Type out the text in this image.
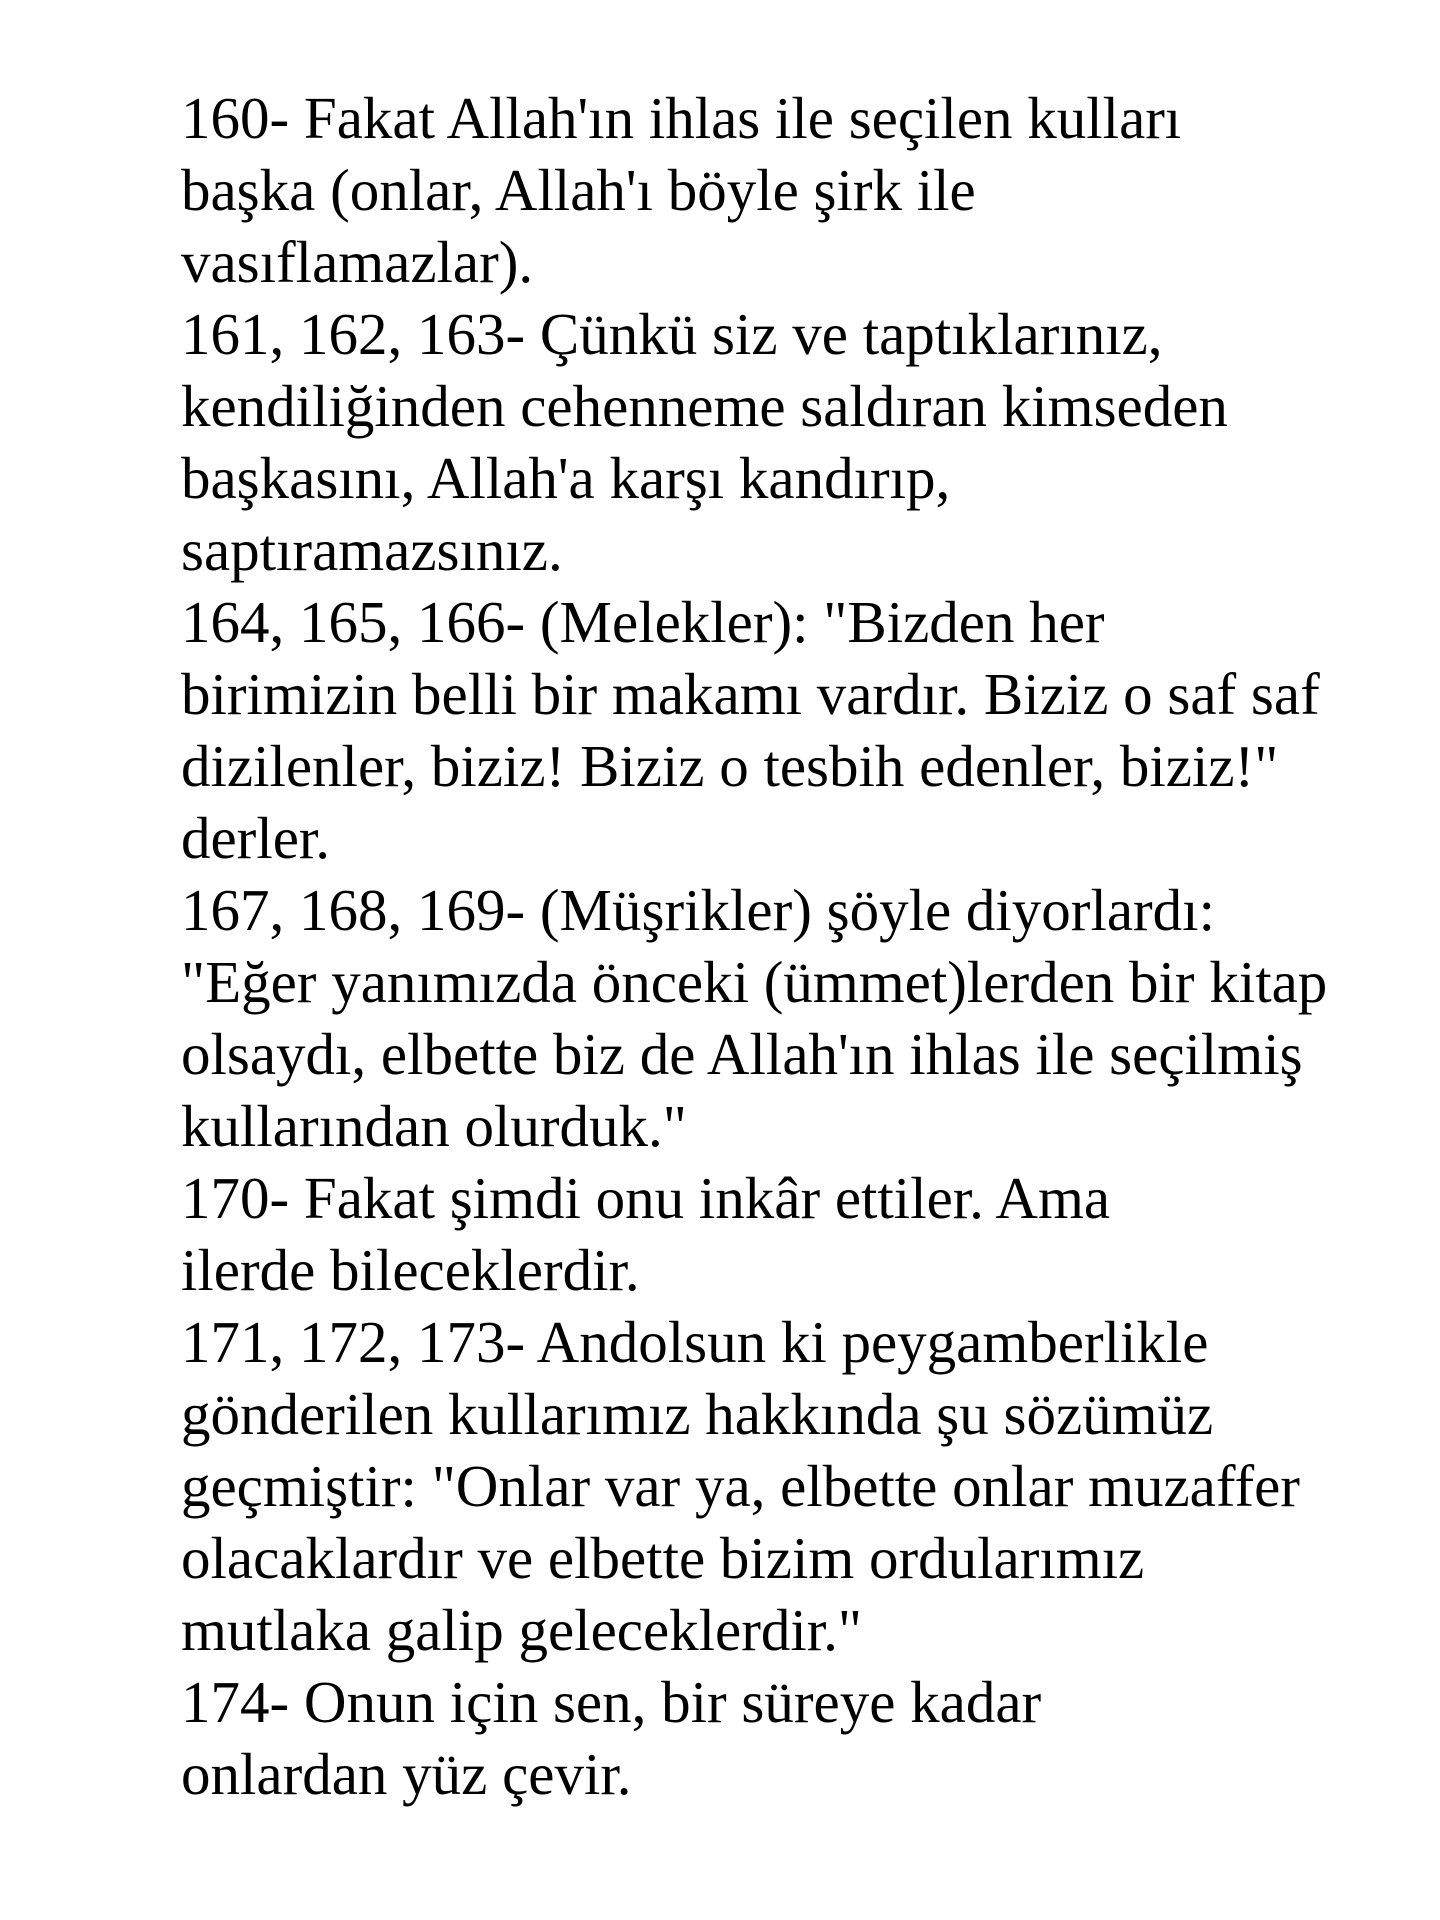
160- Fakat Allah'ın ihlas ile seçilen kulları
başka (onlar, Allah'ı böyle şirk ile
vasıflamazlar).

161, 162, 163- Çünkü siz ve taptıklarınız,
kendiliğinden cehenneme saldıran kimseden
başkasını, Allah'a karşı kandırıp,
saptıramazsınız.

164, 165, 166- (Melekler): "Bizden her
birimizin belli bir makamı vardır. Biziz o saf saf
dizilenler, biziz! Biziz o tesbih edenler, biziz!"
derler.

167, 168, 169- (Müşrikler) şöyle diyorlardı:
"Eğer yanımızda önceki (ümmet)lerden bir kitap
olsaydı, elbette biz de Allah'ın ihlas ile seçilmiş
kullarından olurduk."

170- Fakat şimdi onu inkâr ettiler. Ama
ilerde bileceklerdir.

171, 172, 173- Andolsun ki peygamberlikle
gönderilen kullarımız hakkında şu sözümüz
geçmiştir: "Onlar var ya, elbette onlar muzaffer
olacaklardır ve elbette bizim ordularımız
mutlaka galip geleceklerdir."

174- Onun için sen, bir süreye kadar
onlardan yüz çevir.
